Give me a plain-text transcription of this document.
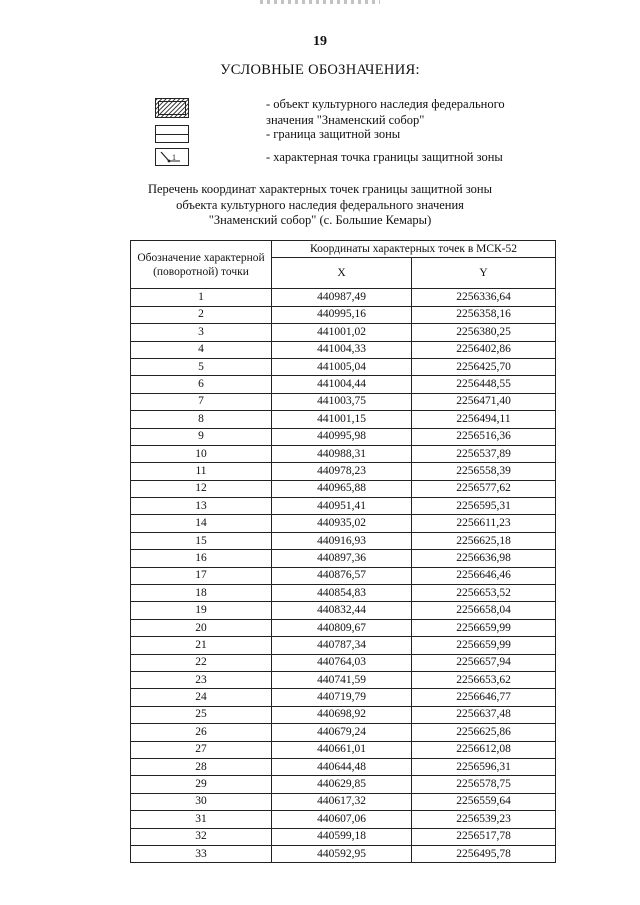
19
УСЛОВНЫЕ ОБОЗНАЧЕНИЯ:
- объект культурного наследия федерального
значения "Знаменский собор"
- граница защитной зоны
1	- характерная точка границы защитной зоны
Перечень координат характерных точек границы защитной зоны
объекта культурного наследия федерального значения
"Знаменский собор" (с. Большие Кемары)
Обозначение характерной (поворотной) точки	Координаты характерных точек в МСК-52	
	X	Y
1	440987,49	2256336,64
2	440995,16	2256358,16
3	441001,02	2256380,25
4	441004,33	2256402,86
5	441005,04	2256425,70
6	441004,44	2256448,55
7	441003,75	2256471,40
8	441001,15	2256494,11
9	440995,98	2256516,36
10	440988,31	2256537,89
11	440978,23	2256558,39
12	440965,88	2256577,62
13	440951,41	2256595,31
14	440935,02	2256611,23
15	440916,93	2256625,18
16	440897,36	2256636,98
17	440876,57	2256646,46
18	440854,83	2256653,52
19	440832,44	2256658,04
20	440809,67	2256659,99
21	440787,34	2256659,99
22	440764,03	2256657,94
23	440741,59	2256653,62
24	440719,79	2256646,77
25	440698,92	2256637,48
26	440679,24	2256625,86
27	440661,01	2256612,08
28	440644,48	2256596,31
29	440629,85	2256578,75
30	440617,32	2256559,64
31	440607,06	2256539,23
32	440599,18	2256517,78
33	440592,95	2256495,78
